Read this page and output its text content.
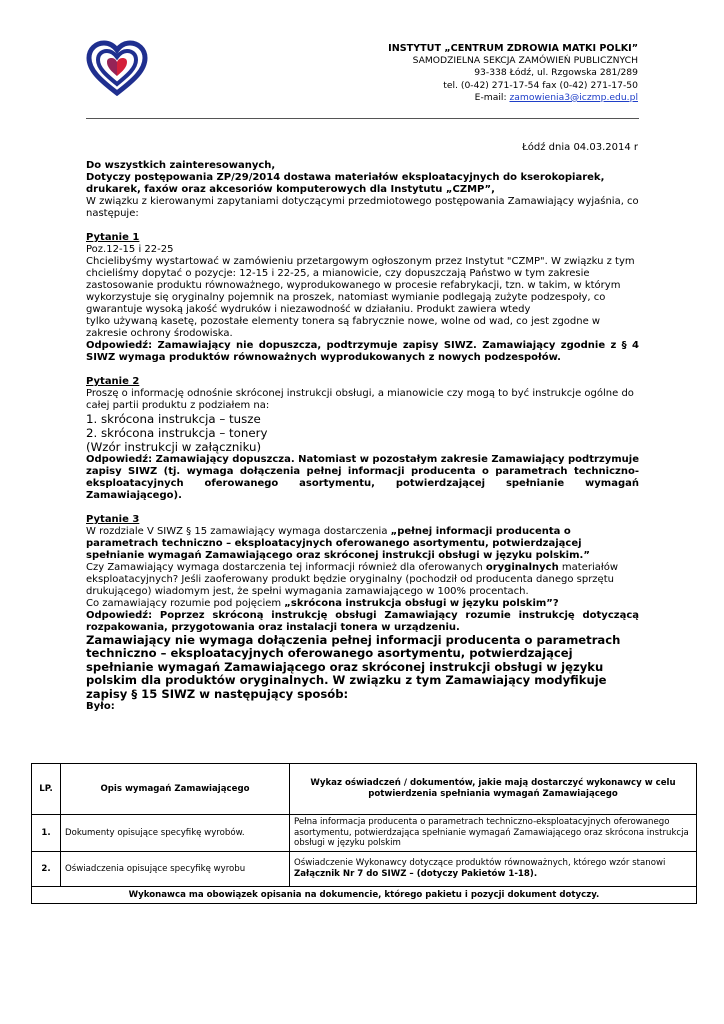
INSTYTUT „CENTRUM ZDROWIA MATKI POLKI”
SAMODZIELNA SEKCJA ZAMÓWIEŃ PUBLICZNYCH
93-338 Łódź, ul. Rzgowska 281/289
tel. (0-42) 271-17-54 fax (0-42) 271-17-50
E-mail: zamowienia3@iczmp.edu.pl
Łódź dnia 04.03.2014 r

Do wszystkich zainteresowanych,

Dotyczy postępowania ZP/29/2014 dostawa materiałów eksploatacyjnych do kserokopiarek, drukarek, faxów oraz akcesoriów komputerowych dla Instytutu „CZMP”,

W związku z kierowanymi zapytaniami dotyczącymi przedmiotowego postępowania Zamawiający wyjaśnia, co następuje:

Pytanie 1

Poz.12-15 i 22-25

Chcielibyśmy wystartować w zamówieniu przetargowym ogłoszonym przez Instytut "CZMP". W związku z tym chcieliśmy dopytać o pozycje: 12-15 i 22-25, a mianowicie, czy dopuszczają Państwo w tym zakresie zastosowanie produktu równoważnego, wyprodukowanego w procesie refabrykacji, tzn. w takim, w którym wykorzystuje się oryginalny pojemnik na proszek, natomiast wymianie podlegają zużyte podzespoły, co gwarantuje wysoką jakość wydruków i niezawodność w działaniu. Produkt zawiera wtedy

tylko używaną kasetę, pozostałe elementy tonera są fabrycznie nowe, wolne od wad, co jest zgodne w zakresie ochrony środowiska.

Odpowiedź: Zamawiający nie dopuszcza, podtrzymuje zapisy SIWZ. Zamawiający zgodnie z § 4 SIWZ wymaga produktów równoważnych wyprodukowanych z nowych podzespołów.

Pytanie 2

Proszę o informację odnośnie skróconej instrukcji obsługi, a mianowicie czy mogą to być instrukcje ogólne do całej partii produktu z podziałem na:

1. skrócona instrukcja – tusze

2. skrócona instrukcja – tonery

(Wzór instrukcji w załączniku)

Odpowiedź: Zamawiający dopuszcza. Natomiast w pozostałym zakresie Zamawiający podtrzymuje zapisy SIWZ (tj. wymaga dołączenia pełnej informacji producenta o parametrach techniczno-eksploatacyjnych oferowanego asortymentu, potwierdzającej spełnianie wymagań Zamawiającego).

Pytanie 3

W rozdziale V SIWZ § 15 zamawiający wymaga dostarczenia „pełnej informacji producenta o parametrach techniczno – eksploatacyjnych oferowanego asortymentu, potwierdzającej spełnianie wymagań Zamawiającego oraz skróconej instrukcji obsługi w języku polskim.”

Czy Zamawiający wymaga dostarczenia tej informacji również dla oferowanych oryginalnych materiałów eksploatacyjnych? Jeśli zaoferowany produkt będzie oryginalny (pochodził od producenta danego sprzętu drukującego) wiadomym jest, że spełni wymagania zamawiającego w 100% procentach.

Co zamawiający rozumie pod pojęciem „skrócona instrukcja obsługi w języku polskim”?

Odpowiedź: Poprzez skróconą instrukcję obsługi Zamawiający rozumie instrukcję dotyczącą rozpakowania, przygotowania oraz instalacji tonera w urządzeniu.

Zamawiający nie wymaga dołączenia pełnej informacji producenta o parametrach techniczno – eksploatacyjnych oferowanego asortymentu, potwierdzającej spełnianie wymagań Zamawiającego oraz skróconej instrukcji obsługi w języku polskim dla produktów oryginalnych. W związku z tym Zamawiający modyfikuje zapisy § 15 SIWZ w następujący sposób:

Było:

LP.	Opis wymagań Zamawiającego	Wykaz oświadczeń / dokumentów, jakie mają dostarczyć wykonawcy w celu potwierdzenia spełniania wymagań Zamawiającego
1.	Dokumenty opisujące specyfikę wyrobów.	Pełna informacja producenta o parametrach techniczno-eksploatacyjnych oferowanego asortymentu, potwierdzająca spełnianie wymagań Zamawiającego oraz skrócona instrukcja obsługi w języku polskim
2.	Oświadczenia opisujące specyfikę wyrobu	Oświadczenie Wykonawcy dotyczące produktów równoważnych, którego wzór stanowi Załącznik Nr 7 do SIWZ – (dotyczy Pakietów 1-18).
Wykonawca ma obowiązek opisania na dokumencie, którego pakietu i pozycji dokument dotyczy.		
